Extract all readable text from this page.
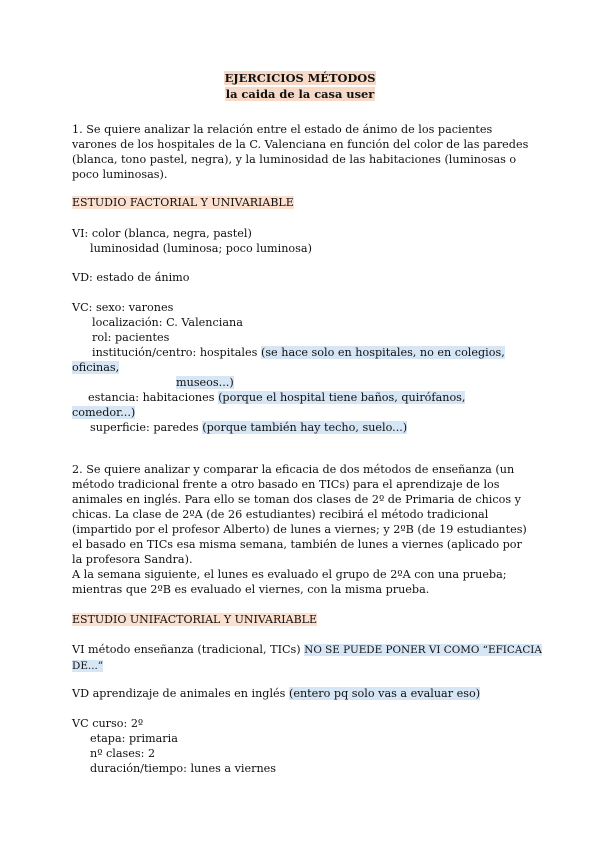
EJERCICIOS MÉTODOS
la caida de la casa user
1. Se quiere analizar la relación entre el estado de ánimo de los pacientes varones de los hospitales de la C. Valenciana en función del color de las paredes (blanca, tono pastel, negra), y la luminosidad de las habitaciones (luminosas o poco luminosas).
ESTUDIO FACTORIAL Y UNIVARIABLE
VI: color (blanca, negra, pastel)
luminosidad (luminosa; poco luminosa)
VD: estado de ánimo
VC: sexo: varones
localización: C. Valenciana
rol: pacientes
institución/centro: hospitales (se hace solo en hospitales, no en colegios,
oficinas,
museos...)
estancia: habitaciones (porque el hospital tiene baños, quirófanos,
comedor...)
superficie: paredes (porque también hay techo, suelo...)
2. Se quiere analizar y comparar la eficacia de dos métodos de enseñanza (un
método tradicional frente a otro basado en TICs) para el aprendizaje de los
animales en inglés. Para ello se toman dos clases de 2º de Primaria de chicos y
chicas. La clase de 2ºA (de 26 estudiantes) recibirá el método tradicional
(impartido por el profesor Alberto) de lunes a viernes; y 2ºB (de 19 estudiantes)
el basado en TICs esa misma semana, también de lunes a viernes (aplicado por
la profesora Sandra).
A la semana siguiente, el lunes es evaluado el grupo de 2ºA con una prueba;
mientras que 2ºB es evaluado el viernes, con la misma prueba.
ESTUDIO UNIFACTORIAL Y UNIVARIABLE
VI método enseñanza (tradicional, TICs) NO SE PUEDE PONER VI COMO “EFICACIA
DE...”
VD aprendizaje de animales en inglés (entero pq solo vas a evaluar eso)
VC curso: 2º
etapa: primaria
nº clases: 2
duración/tiempo: lunes a viernes
